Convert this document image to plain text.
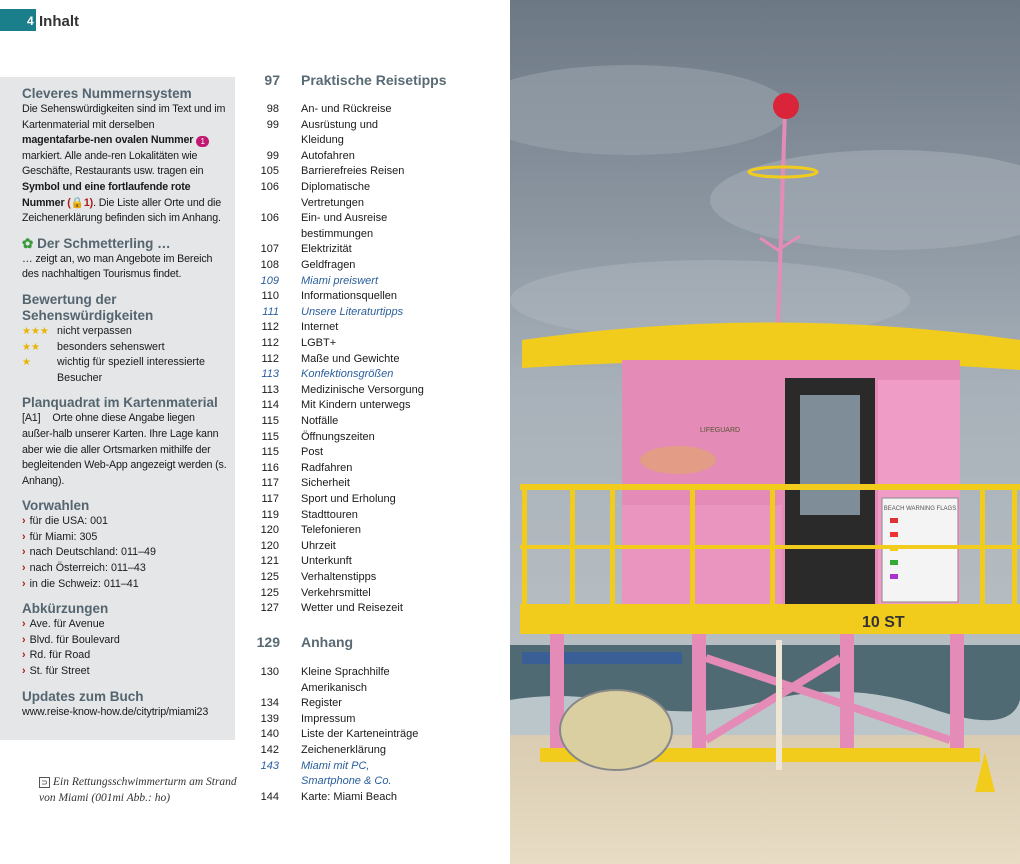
4 Inhalt
Cleveres Nummernsystem
Die Sehenswürdigkeiten sind im Text und im Kartenmaterial mit derselben magentafarbe-nen ovalen Nummer 1 markiert. Alle ande-ren Lokalitäten wie Geschäfte, Restaurants usw. tragen ein Symbol und eine fortlaufende rote Nummer (🔒1). Die Liste aller Orte und die Zeichenerklärung befinden sich im Anhang.
✿ Der Schmetterling …
… zeigt an, wo man Angebote im Bereich des nachhaltigen Tourismus findet.
Bewertung der Sehenswürdigkeiten
★★★ nicht verpassen
★★	besonders sehenswert
★	wichtig für speziell interessierte Besucher
Planquadrat im Kartenmaterial
[A1] Orte ohne diese Angabe liegen außer-halb unserer Karten. Ihre Lage kann aber wie die aller Ortsmarken mithilfe der begleitenden Web-App angezeigt werden (s. Anhang).
Vorwahlen
› für die USA: 001
› für Miami: 305
› nach Deutschland: 011–49
› nach Österreich: 011–43
› in die Schweiz: 011–41
Abkürzungen
› Ave. für Avenue
› Blvd. für Boulevard
› Rd. für Road
› St. für Street
Updates zum Buch
www.reise-know-how.de/citytrip/miami23
⊃ Ein Rettungsschwimmerturm am Strand von Miami (001mi Abb.: ho)
97 Praktische Reisetipps
98 An- und Rückreise
99 Ausrüstung und Kleidung
99 Autofahren
105 Barrierefreies Reisen
106 Diplomatische Vertretungen
106 Ein- und Ausreise bestimmungen
107 Elektrizität
108 Geldfragen
109 Miami preiswert
110 Informationsquellen
111 Unsere Literaturtipps
112 Internet
112 LGBT+
112 Maße und Gewichte
113 Konfektionsgrößen
113 Medizinische Versorgung
114 Mit Kindern unterwegs
115 Notfälle
115 Öffnungszeiten
115 Post
116 Radfahren
117 Sicherheit
117 Sport und Erholung
119 Stadttouren
120 Telefonieren
120 Uhrzeit
121 Unterkunft
125 Verhaltenstipps
125 Verkehrsmittel
127 Wetter und Reisezeit
129 Anhang
130 Kleine Sprachhilfe Amerikanisch
134 Register
139 Impressum
140 Liste der Karteneinträge
142 Zeichenerklärung
143 Miami mit PC, Smartphone & Co.
144 Karte: Miami Beach
BEACH WARNING FLAGS
LIFEGUARD
10 ST
